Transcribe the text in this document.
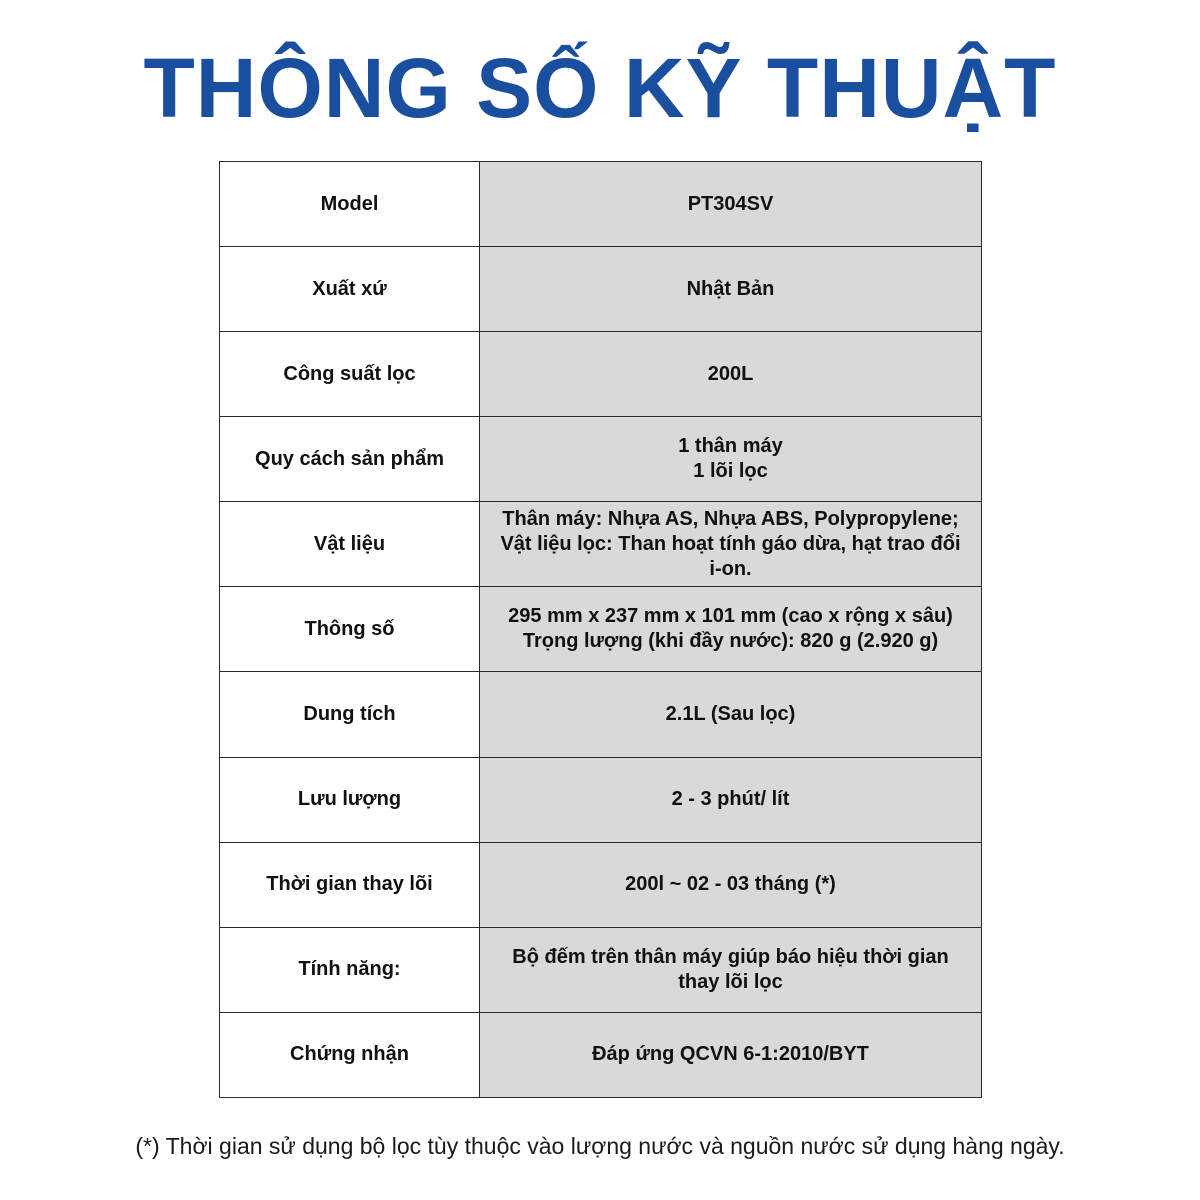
THÔNG SỐ KỸ THUẬT
Model	PT304SV

Xuất xứ	Nhật Bản

Công suất lọc	200L

Quy cách sản phẩm	1 thân máy
1 lõi lọc

Vật liệu	Thân máy: Nhựa AS, Nhựa ABS, Polypropylene;
Vật liệu lọc: Than hoạt tính gáo dừa, hạt trao đổi i-on.

Thông số	295 mm x 237 mm x 101 mm (cao x rộng x sâu)
Trọng lượng (khi đầy nước): 820 g (2.920 g)

Dung tích	2.1L (Sau lọc)

Lưu lượng	2 - 3 phút/ lít

Thời gian thay lõi	200l ~ 02 - 03 tháng (*)

Tính năng:	Bộ đếm trên thân máy giúp báo hiệu thời gian
thay lõi lọc

Chứng nhận	Đáp ứng QCVN 6-1:2010/BYT
(*) Thời gian sử dụng bộ lọc tùy thuộc vào lượng nước và nguồn nước sử dụng hàng ngày.
